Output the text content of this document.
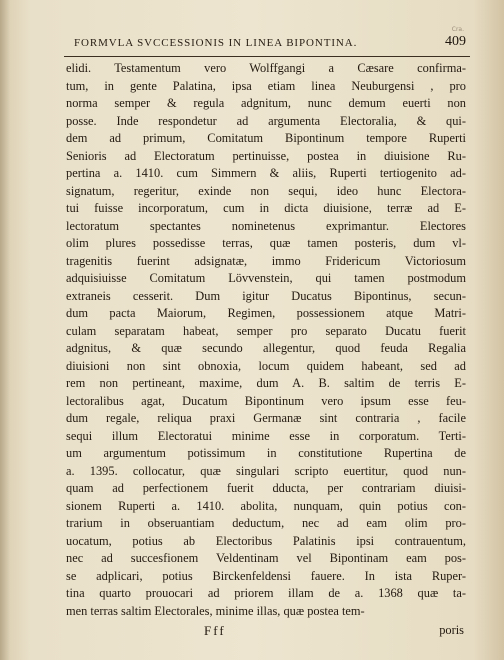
FORMVLA SVCCESSIONIS IN LINEA BIPONTINA.
Cra.
409
elidi. Testamentum vero Wolffgangi a Cæsare confirma-
tum, in gente Palatina, ipsa etiam linea Neuburgensi , pro
norma semper & regula adgnitum, nunc demum euerti non
posse. Inde respondetur ad argumenta Electoralia, & qui-
dem ad primum, Comitatum Bipontinum tempore Ruperti
Senioris ad Electoratum pertinuisse, postea in diuisione Ru-
pertina a. 1410. cum Simmern & aliis, Ruperti tertiogenito ad-
signatum, regeritur, exinde non sequi, ideo hunc Electora-
tui fuisse incorporatum, cum in dicta diuisione, terræ ad E-
lectoratum spectantes nominetenus exprimantur. Electores
olim plures possedisse terras, quæ tamen posteris, dum vl-
tragenitis fuerint adsignatæ, immo Fridericum Victoriosum
adquisiuisse Comitatum Lövvenstein, qui tamen postmodum
extraneis cesserit. Dum igitur Ducatus Bipontinus, secun-
dum pacta Maiorum, Regimen, possessionem atque Matri-
culam separatam habeat, semper pro separato Ducatu fuerit
adgnitus, & quæ secundo allegentur, quod feuda Regalia
diuisioni non sint obnoxia, locum quidem habeant, sed ad
rem non pertineant, maxime, dum A. B. saltim de terris E-
lectoralibus agat, Ducatum Bipontinum vero ipsum esse feu-
dum regale, reliqua praxi Germanæ sint contraria , facile
sequi illum Electoratui minime esse in corporatum. Terti-
um argumentum potissimum in constitutione Rupertina de
a. 1395. collocatur, quæ singulari scripto euertitur, quod nun-
quam ad perfectionem fuerit dducta, per contrariam diuisi-
sionem Ruperti a. 1410. abolita, nunquam, quin potius con-
trarium in obseruantiam deductum, nec ad eam olim pro-
uocatum, potius ab Electoribus Palatinis ipsi contrauentum,
nec ad succesfionem Veldentinam vel Bipontinam eam pos-
se adplicari, potius Birckenfeldensi fauere. In ista Ruper-
tina quarto prouocari ad priorem illam de a. 1368 quæ ta-
men terras saltim Electorales, minime illas, quæ postea tem-
Fff	poris
